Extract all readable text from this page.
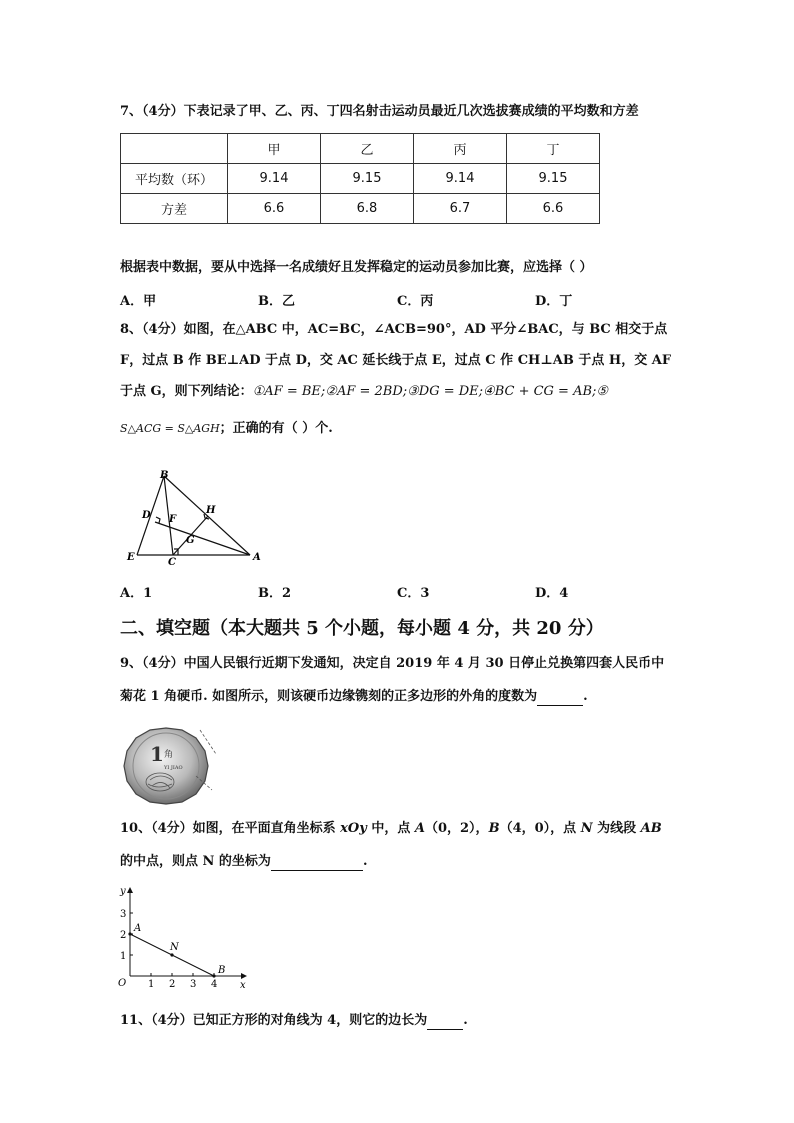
7、（4分）下表记录了甲、乙、丙、丁四名射击运动员最近几次选拔赛成绩的平均数和方差
	甲	乙	丙	丁
平均数（环）	9.14	9.15	9.14	9.15
方差	6.6	6.8	6.7	6.6
根据表中数据，要从中选择一名成绩好且发挥稳定的运动员参加比赛，应选择（ ）
A．甲	B．乙	C．丙	D．丁
8、（4分）如图，在△ABC 中，AC=BC，∠ACB=90°，AD 平分∠BAC，与 BC 相交于点
F，过点 B 作 BE⊥AD 于点 D，交 AC 延长线于点 E，过点 C 作 CH⊥AB 于点 H，交 AF
于点 G，则下列结论：①AF = BE;②AF = 2BD;③DG = DE;④BC + CG = AB;⑤
S△ACG = S△AGH；正确的有（ ）个.
B
D F
H
G
E	C	A
A．1	B．2	C．3	D．4
二、填空题（本大题共 5 个小题，每小题 4 分，共 20 分）
9、（4分）中国人民银行近期下发通知，决定自 2019 年 4 月 30 日停止兑换第四套人民币中
菊花 1 角硬币. 如图所示，则该硬币边缘镌刻的正多边形的外角的度数为	.
1 角
YI JIAO
10、（4分）如图，在平面直角坐标系 xOy 中，点 A（0，2），B（4，0），点 N 为线段 AB
的中点，则点 N 的坐标为	.
1 2 3 4
1
2
3
A
B
N
O	x
y
11、（4分）已知正方形的对角线为 4，则它的边长为	.
